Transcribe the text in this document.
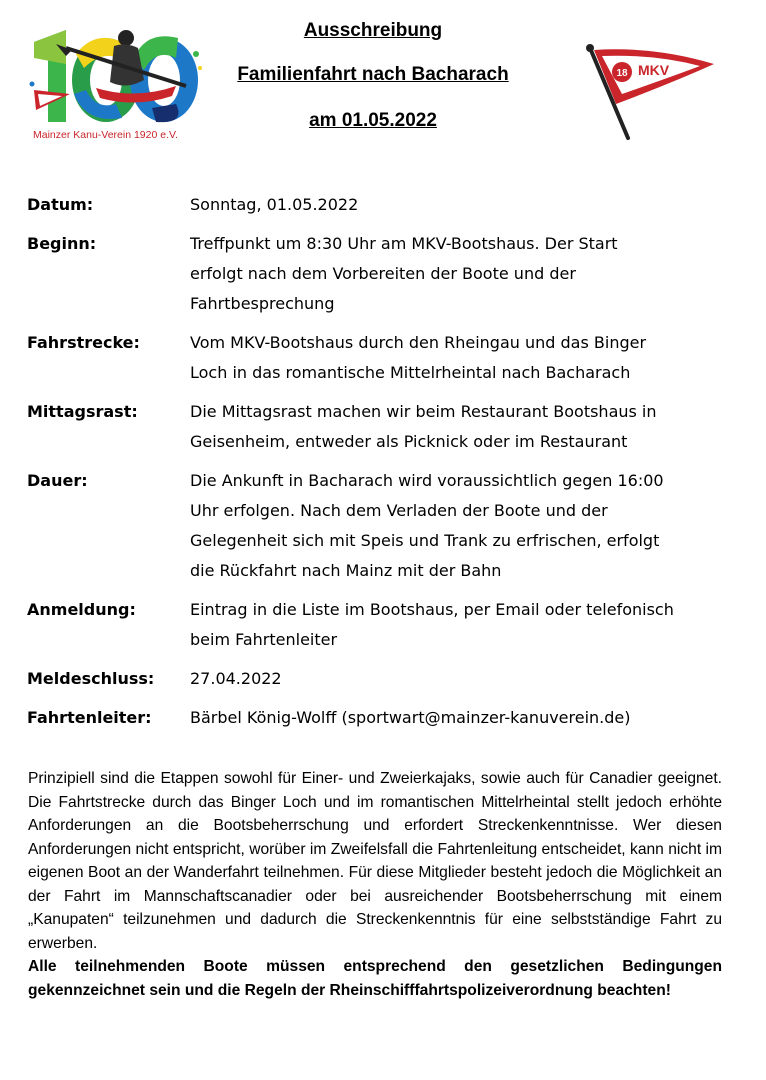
Mainzer Kanu-Verein 1920 e.V.
Ausschreibung
Familienfahrt nach Bacharach
am 01.05.2022
18 MKV
Datum:	Sonntag, 01.05.2022

Beginn:	Treffpunkt um 8:30 Uhr am MKV-Bootshaus. Der Start

erfolgt nach dem Vorbereiten der Boote und der

Fahrtbesprechung

Fahrstrecke:	Vom MKV-Bootshaus durch den Rheingau und das Binger

Loch in das romantische Mittelrheintal nach Bacharach

Mittagsrast:	Die Mittagsrast machen wir beim Restaurant Bootshaus in

Geisenheim, entweder als Picknick oder im Restaurant

Dauer:	Die Ankunft in Bacharach wird voraussichtlich gegen 16:00

Uhr erfolgen. Nach dem Verladen der Boote und der

Gelegenheit sich mit Speis und Trank zu erfrischen, erfolgt

die Rückfahrt nach Mainz mit der Bahn

Anmeldung:	Eintrag in die Liste im Bootshaus, per Email oder telefonisch

beim Fahrtenleiter

Meldeschluss: 27.04.2022

Fahrtenleiter: Bärbel König-Wolff (sportwart@mainzer-kanuverein.de)

Prinzipiell sind die Etappen sowohl für Einer- und Zweierkajaks, sowie auch für Canadier geeignet. Die Fahrtstrecke durch das Binger Loch und im romantischen Mittelrheintal stellt jedoch erhöhte Anforderungen an die Bootsbeherrschung und erfordert Streckenkenntnisse. Wer diesen Anforderungen nicht entspricht, worüber im Zweifelsfall die Fahrtenleitung entscheidet, kann nicht im eigenen Boot an der Wanderfahrt teilnehmen. Für diese Mitglieder besteht jedoch die Möglichkeit an der Fahrt im Mannschaftscanadier oder bei ausreichender Bootsbeherrschung mit einem „Kanupaten“ teilzunehmen und dadurch die Streckenkenntnis für eine selbstständige Fahrt zu erwerben.

Alle teilnehmenden Boote müssen entsprechend den gesetzlichen Bedingungen gekennzeichnet sein und die Regeln der Rheinschifffahrtspolizeiverordnung beachten!
